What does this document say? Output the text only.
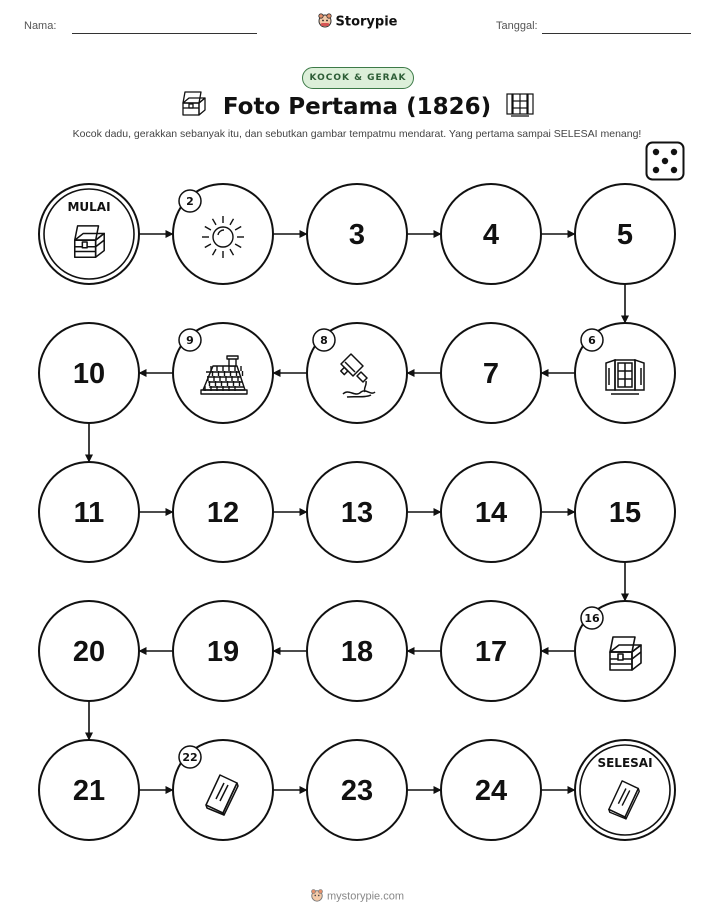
Nama:	Storypie	Tanggal:
KOCOK & GERAK
Foto Pertama (1826)
Kocok dadu, gerakkan sebanyak itu, dan sebutkan gambar tempatmu mendarat. Yang pertama sampai SELESAI menang!
MULAI	2
3	4	5
6
7
8
9
10
11	12	13	14	15
16
17
18
19
20
21
22
23	24
SELESAI
mystorypie.com
